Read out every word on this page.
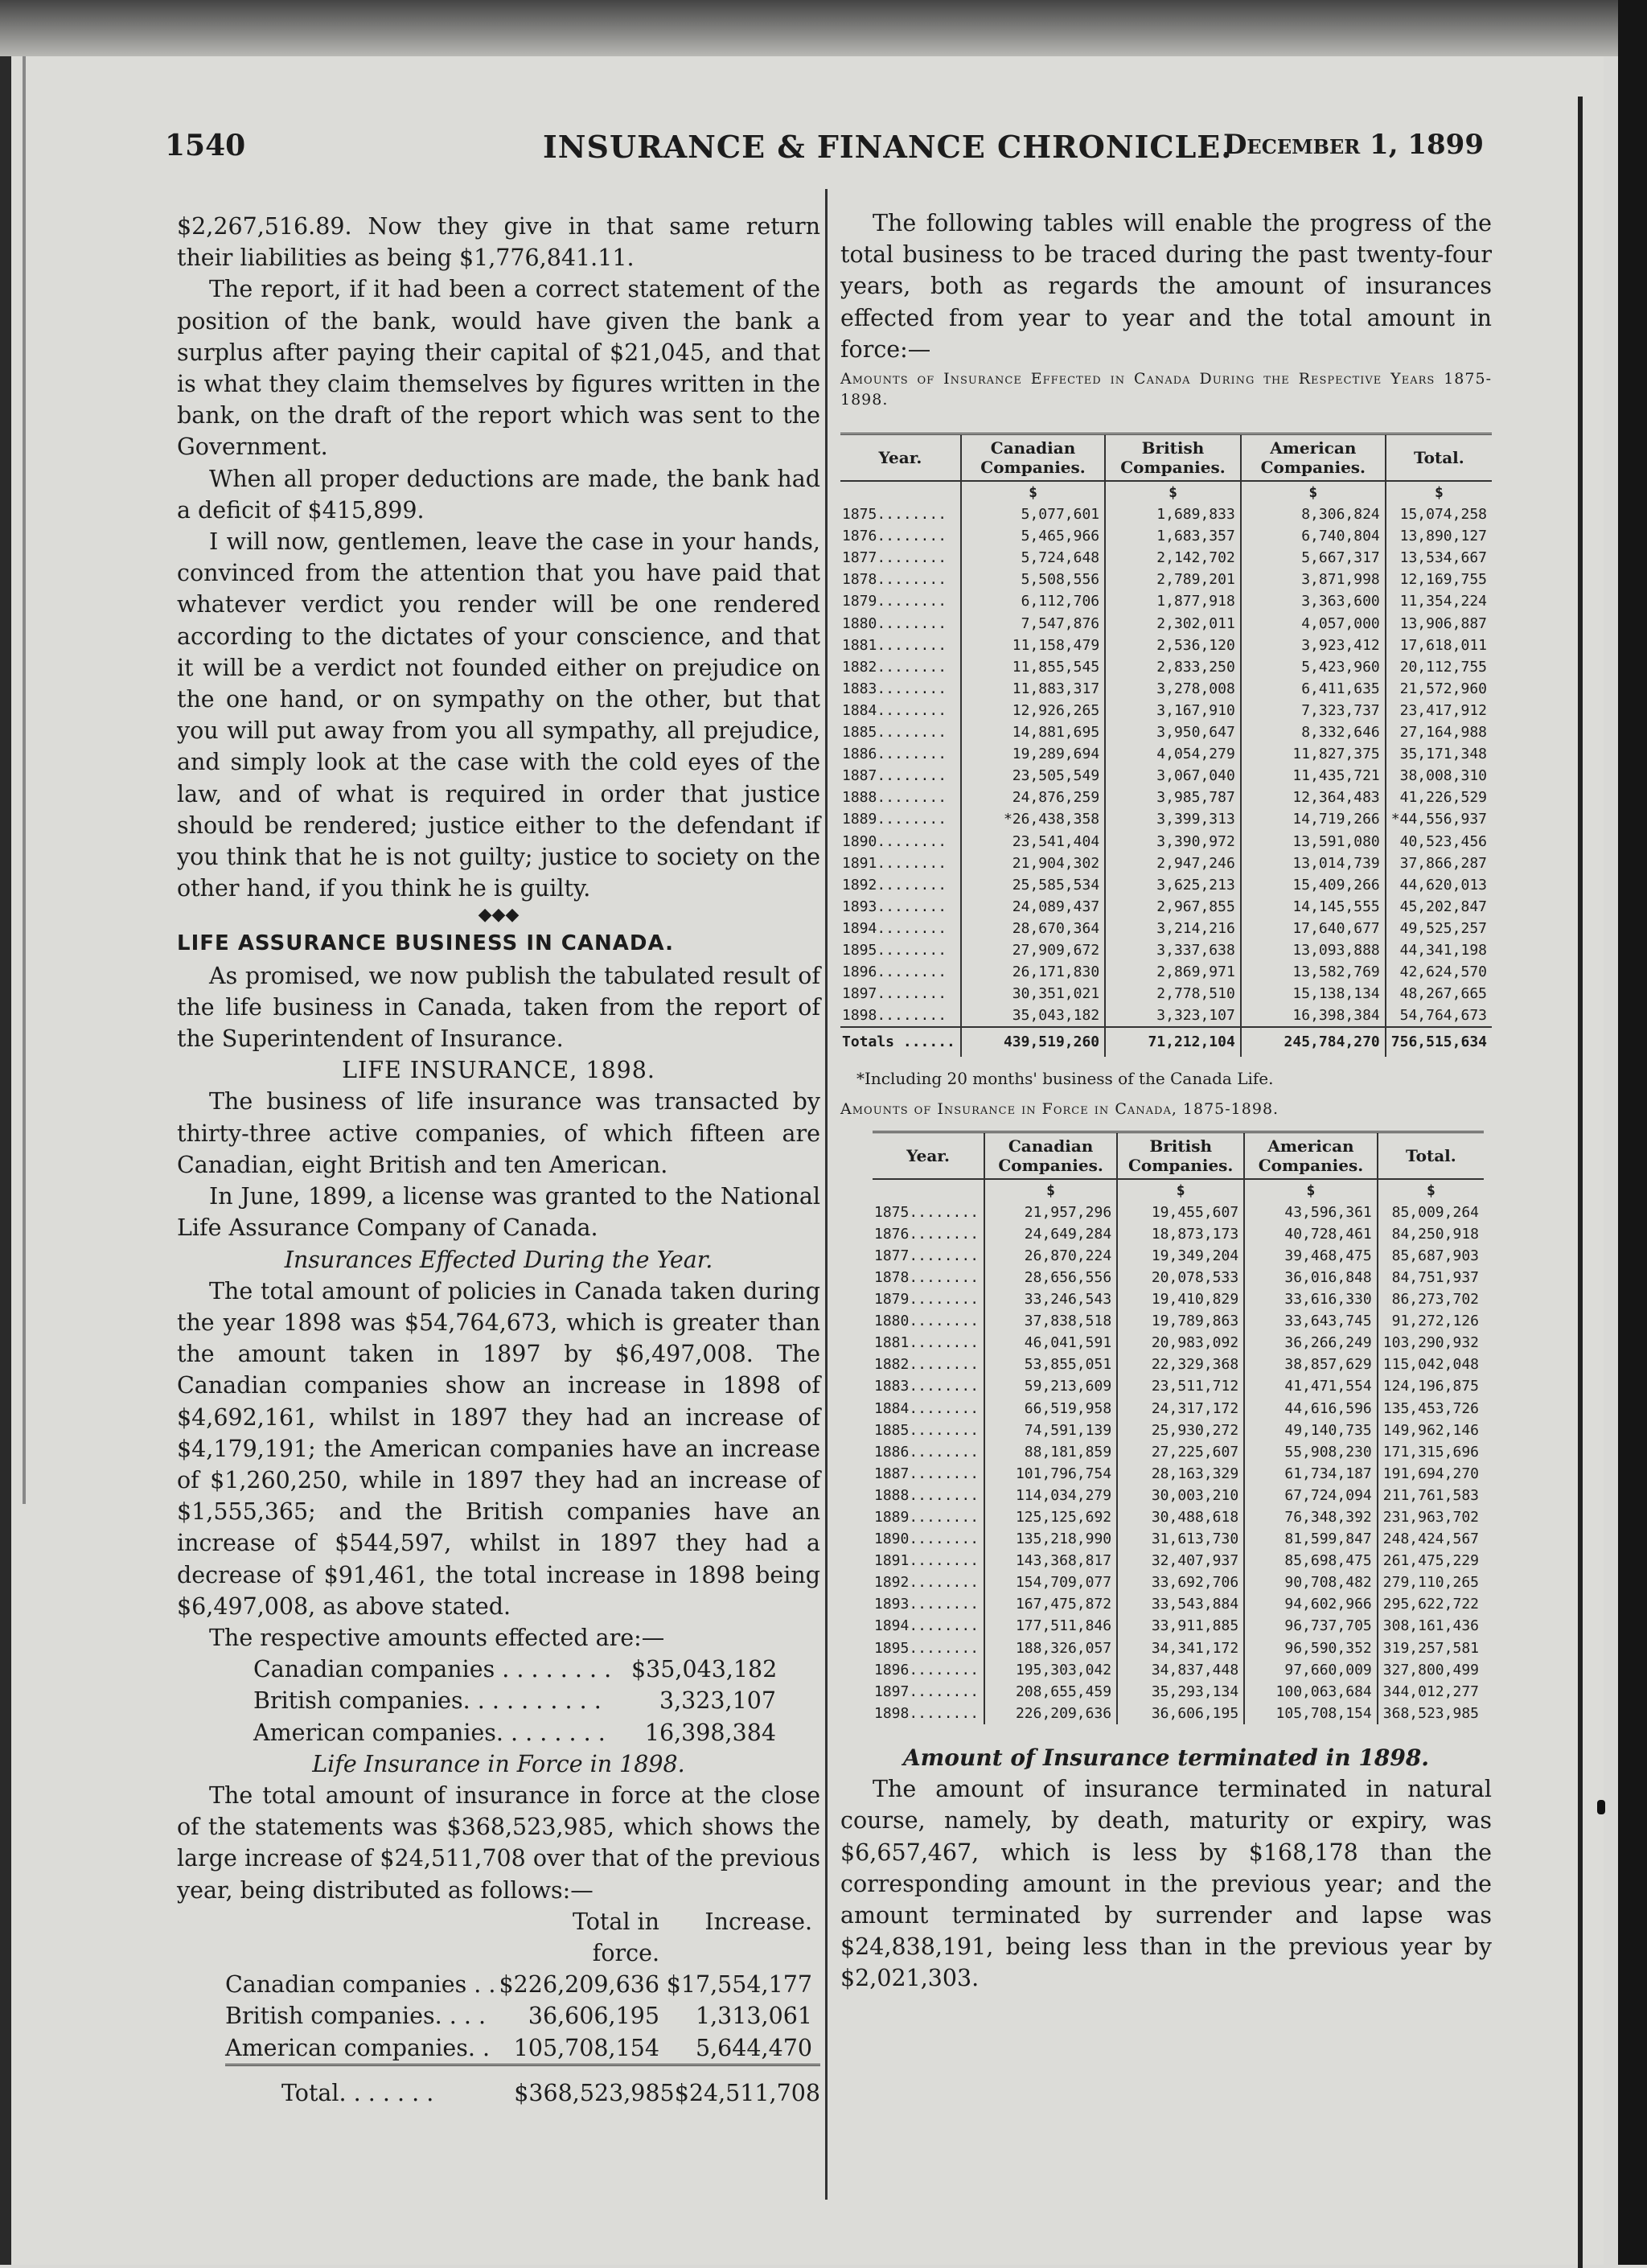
1540	INSURANCE & FINANCE CHRONICLE.
December 1, 1899

$2,267,516.89. Now they give in that same return their liabilities as being $1,776,841.11.

The report, if it had been a correct statement of the position of the bank, would have given the bank a surplus after paying their capital of $21,045, and that is what they claim themselves by figures written in the bank, on the draft of the report which was sent to the Government.

When all proper deductions are made, the bank had a deficit of $415,899.

I will now, gentlemen, leave the case in your hands, convinced from the attention that you have paid that whatever verdict you render will be one rendered according to the dictates of your conscience, and that it will be a verdict not founded either on prejudice on the one hand, or on sympathy on the other, but that you will put away from you all sympathy, all prejudice, and simply look at the case with the cold eyes of the law, and of what is required in order that justice should be rendered; justice either to the defendant if you think that he is not guilty; justice to society on the other hand, if you think he is guilty.

◆◆◆

LIFE ASSURANCE BUSINESS IN CANADA.

As promised, we now publish the tabulated result of the life business in Canada, taken from the report of the Superintendent of Insurance.

LIFE INSURANCE, 1898.

The business of life insurance was transacted by thirty-three active companies, of which fifteen are Canadian, eight British and ten American.

In June, 1899, a license was granted to the National Life Assurance Company of Canada.

Insurances Effected During the Year.

The total amount of policies in Canada taken during the year 1898 was $54,764,673, which is greater than the amount taken in 1897 by $6,497,008. The Canadian companies show an increase in 1898 of $4,692,161, whilst in 1897 they had an increase of $4,179,191; the American companies have an increase of $1,260,250, while in 1897 they had an increase of $1,555,365; and the British companies have an increase of $544,597, whilst in 1897 they had a decrease of $91,461, the total increase in 1898 being $6,497,008, as above stated.

The respective amounts effected are:—

Canadian companies . . . . . . . . $35,043,182
British companies. . . . . . . . . .	3,323,107
American companies. . . . . . . .	16,398,384

Life Insurance in Force in 1898.

The total amount of insurance in force at the close of the statements was $368,523,985, which shows the large increase of $24,511,708 over that of the previous year, being distributed as follows:—

Total in force.
Increase.
Canadian companies . . $226,209,636 $17,554,177
British companies. . . .	36,606,195	1,313,061
American companies. .	105,708,154	5,644,470
Total. . . . . . .	$368,523,985 $24,511,708

The following tables will enable the progress of the total business to be traced during the past twenty-four years, both as regards the amount of insurances effected from year to year and the total amount in force:—

Amounts of Insurance Effected in Canada During the Respective Years 1875-1898.

Year.	Canadian Companies.	British Companies.	American Companies.	Total.
	$	$	$	$
1875........	5,077,601	1,689,833	8,306,824	15,074,258
1876........	5,465,966	1,683,357	6,740,804	13,890,127
1877........	5,724,648	2,142,702	5,667,317	13,534,667
1878........	5,508,556	2,789,201	3,871,998	12,169,755
1879........	6,112,706	1,877,918	3,363,600	11,354,224
1880........	7,547,876	2,302,011	4,057,000	13,906,887
1881........	11,158,479	2,536,120	3,923,412	17,618,011
1882........	11,855,545	2,833,250	5,423,960	20,112,755
1883........	11,883,317	3,278,008	6,411,635	21,572,960
1884........	12,926,265	3,167,910	7,323,737	23,417,912
1885........	14,881,695	3,950,647	8,332,646	27,164,988
1886........	19,289,694	4,054,279	11,827,375	35,171,348
1887........	23,505,549	3,067,040	11,435,721	38,008,310
1888........	24,876,259	3,985,787	12,364,483	41,226,529
1889........	*26,438,358	3,399,313	14,719,266	*44,556,937
1890........	23,541,404	3,390,972	13,591,080	40,523,456
1891........	21,904,302	2,947,246	13,014,739	37,866,287
1892........	25,585,534	3,625,213	15,409,266	44,620,013
1893........	24,089,437	2,967,855	14,145,555	45,202,847
1894........	28,670,364	3,214,216	17,640,677	49,525,257
1895........	27,909,672	3,337,638	13,093,888	44,341,198
1896........	26,171,830	2,869,971	13,582,769	42,624,570
1897........	30,351,021	2,778,510	15,138,134	48,267,665
1898........	35,043,182	3,323,107	16,398,384	54,764,673
Totals ......	439,519,260	71,212,104	245,784,270	756,515,634

*Including 20 months' business of the Canada Life.

Amounts of Insurance in Force in Canada, 1875-1898.

Year.	Canadian Companies.	British Companies.	American Companies.	Total.
	$	$	$	$
1875........	21,957,296	19,455,607	43,596,361	85,009,264
1876........	24,649,284	18,873,173	40,728,461	84,250,918
1877........	26,870,224	19,349,204	39,468,475	85,687,903
1878........	28,656,556	20,078,533	36,016,848	84,751,937
1879........	33,246,543	19,410,829	33,616,330	86,273,702
1880........	37,838,518	19,789,863	33,643,745	91,272,126
1881........	46,041,591	20,983,092	36,266,249	103,290,932
1882........	53,855,051	22,329,368	38,857,629	115,042,048
1883........	59,213,609	23,511,712	41,471,554	124,196,875
1884........	66,519,958	24,317,172	44,616,596	135,453,726
1885........	74,591,139	25,930,272	49,140,735	149,962,146
1886........	88,181,859	27,225,607	55,908,230	171,315,696
1887........	101,796,754	28,163,329	61,734,187	191,694,270
1888........	114,034,279	30,003,210	67,724,094	211,761,583
1889........	125,125,692	30,488,618	76,348,392	231,963,702
1890........	135,218,990	31,613,730	81,599,847	248,424,567
1891........	143,368,817	32,407,937	85,698,475	261,475,229
1892........	154,709,077	33,692,706	90,708,482	279,110,265
1893........	167,475,872	33,543,884	94,602,966	295,622,722
1894........	177,511,846	33,911,885	96,737,705	308,161,436
1895........	188,326,057	34,341,172	96,590,352	319,257,581
1896........	195,303,042	34,837,448	97,660,009	327,800,499
1897........	208,655,459	35,293,134	100,063,684	344,012,277
1898........	226,209,636	36,606,195	105,708,154	368,523,985

Amount of Insurance terminated in 1898.

The amount of insurance terminated in natural course, namely, by death, maturity or expiry, was $6,657,467, which is less by $168,178 than the corresponding amount in the previous year; and the amount terminated by surrender and lapse was $24,838,191, being less than in the previous year by $2,021,303.
